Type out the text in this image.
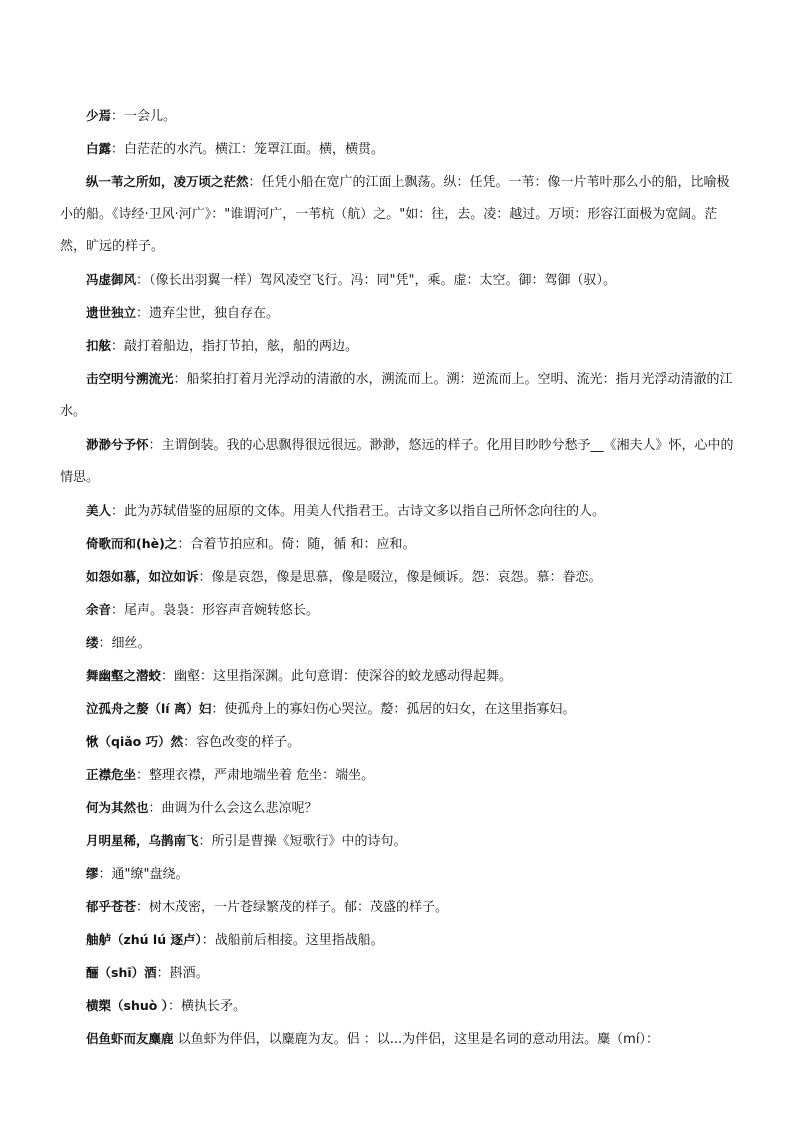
少焉：一会儿。

白露：白茫茫的水汽。横江：笼罩江面。横，横贯。

纵一苇之所如，凌万顷之茫然：任凭小船在宽广的江面上飘荡。纵：任凭。一苇：像一片苇叶那么小的船，比喻极小的船。《诗经·卫风·河广》："谁谓河广，一苇杭（航）之。"如：往，去。凌：越过。万顷：形容江面极为宽阔。茫然，旷远的样子。

冯虚御风：（像长出羽翼一样）驾风凌空飞行。冯：同"凭"，乘。虚：太空。御：驾御（驭）。

遗世独立：遗弃尘世，独自存在。

扣舷：敲打着船边，指打节拍，舷，船的两边。

击空明兮溯流光：船桨拍打着月光浮动的清澈的水，溯流而上。溯：逆流而上。空明、流光：指月光浮动清澈的江水。

渺渺兮予怀：主谓倒装。我的心思飘得很远很远。渺渺，悠远的样子。化用目眇眇兮愁予__《湘夫人》怀，心中的情思。

美人：此为苏轼借鉴的屈原的文体。用美人代指君王。古诗文多以指自己所怀念向往的人。

倚歌而和(hè)之：合着节拍应和。倚：随，循 和：应和。

如怨如慕，如泣如诉：像是哀怨，像是思慕，像是啜泣，像是倾诉。怨：哀怨。慕：眷恋。

余音：尾声。袅袅：形容声音婉转悠长。

缕：细丝。

舞幽壑之潜蛟：幽壑：这里指深渊。此句意谓：使深谷的蛟龙感动得起舞。

泣孤舟之嫠（lí 离）妇：使孤舟上的寡妇伤心哭泣。嫠：孤居的妇女，在这里指寡妇。

愀（qiǎo 巧）然：容色改变的样子。

正襟危坐：整理衣襟，严肃地端坐着 危坐：端坐。

何为其然也：曲调为什么会这么悲凉呢？

月明星稀，乌鹊南飞：所引是曹操《短歌行》中的诗句。

缪：通"缭"盘绕。

郁乎苍苍：树木茂密，一片苍绿繁茂的样子。郁：茂盛的样子。

舳舻（zhú lú 逐卢）：战船前后相接。这里指战船。

酾（shī）酒：斟酒。

横槊（shuò ）：横执长矛。

侣鱼虾而友麋鹿 以鱼虾为伴侣，以麋鹿为友。侣 ：以...为伴侣，这里是名词的意动用法。麋（mí）：
